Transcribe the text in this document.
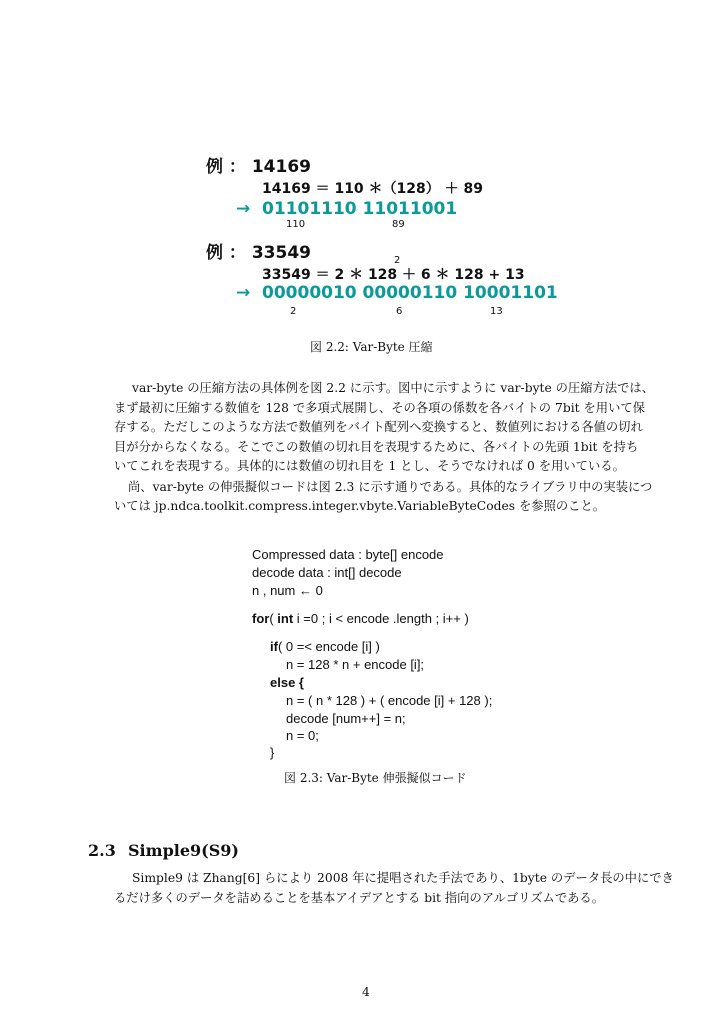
例 ： 14169
14169 ＝ 110 ＊（128） ＋ 89
→ 01101110 11011001
110	89
例 ： 33549	2
33549 ＝ 2 ＊ 128 ＋ 6 ＊ 128 + 13
→ 00000010 00000110 10001101
2	6	13
図 2.2: Var-Byte 圧縮
var-byte の圧縮方法の具体例を図 2.2 に示す。図中に示すように var-byte の圧縮方法では、
まず最初に圧縮する数値を 128 で多項式展開し、その各項の係数を各バイトの 7bit を用いて保
存する。ただしこのような方法で数値列をバイト配列へ変換すると、数値列における各値の切れ
目が分からなくなる。そこでこの数値の切れ目を表現するために、各バイトの先頭 1bit を持ち
いてこれを表現する。具体的には数値の切れ目を 1 とし、そうでなければ 0 を用いている。
尚、var-byte の伸張擬似コードは図 2.3 に示す通りである。具体的なライブラリ中の実装につ
いては jp.ndca.toolkit.compress.integer.vbyte.VariableByteCodes を参照のこと。
Compressed data : byte[] encode
decode data : int[] decode
n , num ← 0
for( int i =0 ; i < encode .length ; i++ )
if( 0 =< encode [i] )
n = 128 * n + encode [i];
else {
n = ( n * 128 ) + ( encode [i] + 128 );
decode [num++] = n;
n = 0;
}
図 2.3: Var-Byte 伸張擬似コード
2.3 Simple9(S9)
Simple9 は Zhang[6] らにより 2008 年に提唱された手法であり、1byte のデータ長の中にでき
るだけ多くのデータを詰めることを基本アイデアとする bit 指向のアルゴリズムである。
4
